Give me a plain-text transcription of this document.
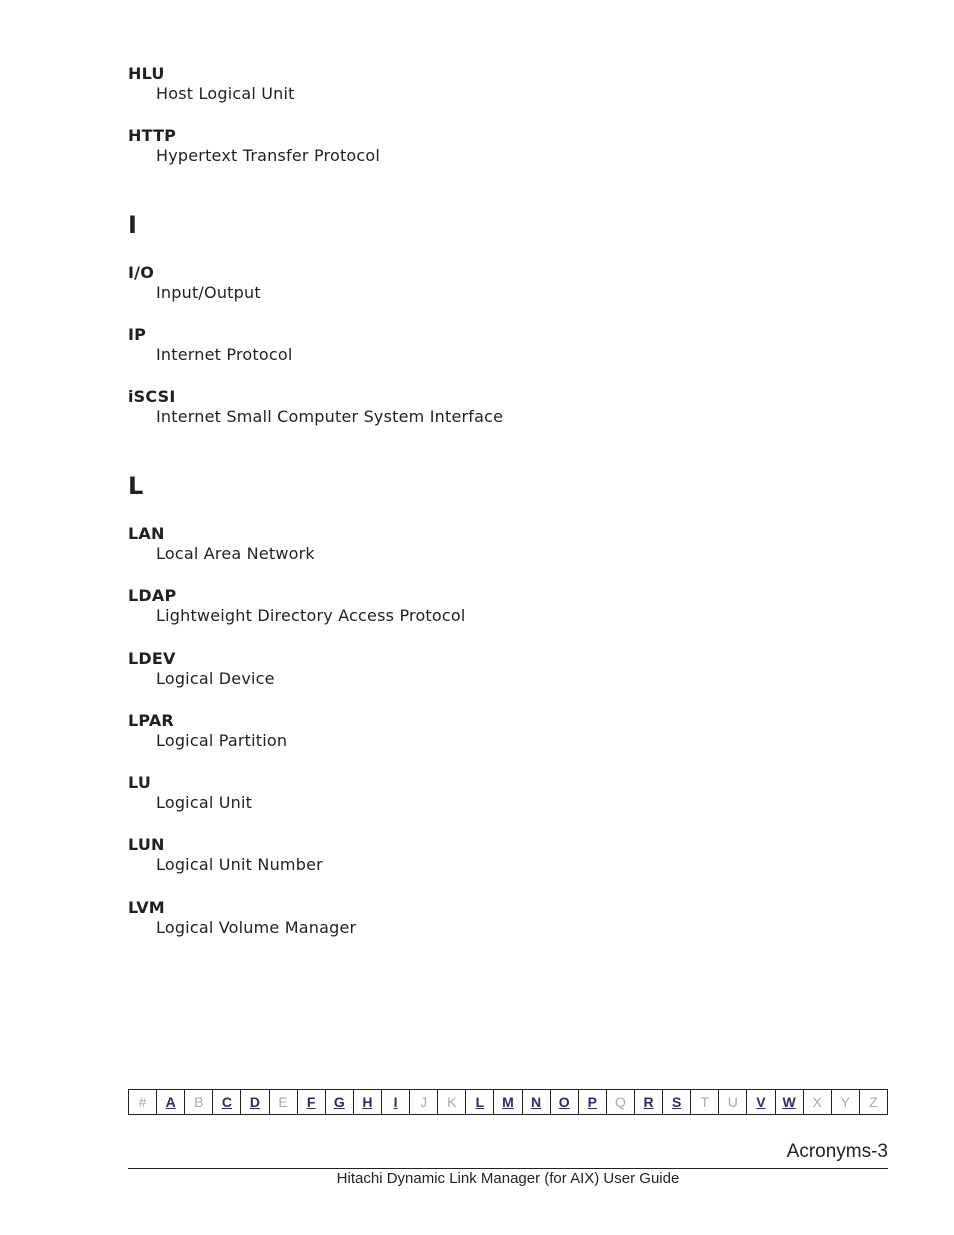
HLU
Host Logical Unit
HTTP
Hypertext Transfer Protocol
I
I/O
Input/Output
IP
Internet Protocol
iSCSI
Internet Small Computer System Interface
L
LAN
Local Area Network
LDAP
Lightweight Directory Access Protocol
LDEV
Logical Device
LPAR
Logical Partition
LU
Logical Unit
LUN
Logical Unit Number
LVM
Logical Volume Manager
#	A	B	C	D	E	F	G	H	I	J	K	L	M	N	O	P	Q	R	S	T	U	V	W	X	Y	Z
Acronyms-3
Hitachi Dynamic Link Manager (for AIX) User Guide
